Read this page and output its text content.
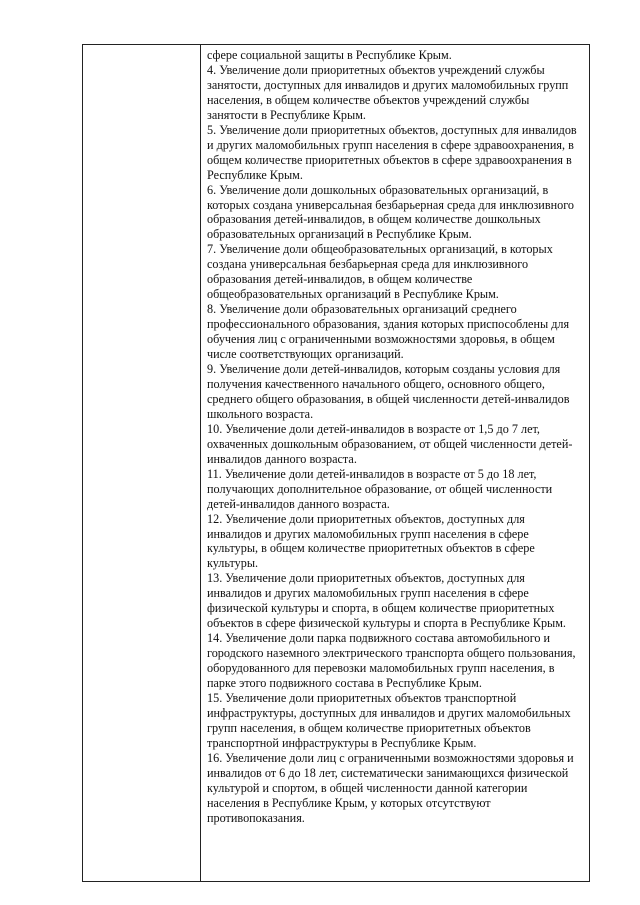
сфере социальной защиты в Республике Крым.

4. Увеличение доли приоритетных объектов учреждений службы занятости, доступных для инвалидов и других маломобильных групп населения, в общем количестве объектов учреждений службы занятости в Республике Крым.

5. Увеличение доли приоритетных объектов, доступных для инвалидов и других маломобильных групп населения в сфере здравоохранения, в общем количестве приоритетных объектов в сфере здравоохранения в Республике Крым.

6. Увеличение доли дошкольных образовательных организаций, в которых создана универсальная безбарьерная среда для инклюзивного образования детей-инвалидов, в общем количестве дошкольных образовательных организаций в Республике Крым.

7. Увеличение доли общеобразовательных организаций, в которых создана универсальная безбарьерная среда для инклюзивного образования детей-инвалидов, в общем количестве общеобразовательных организаций в Республике Крым.

8. Увеличение доли образовательных организаций среднего профессионального образования, здания которых приспособлены для обучения лиц с ограниченными возможностями здоровья, в общем числе соответствующих организаций.

9. Увеличение доли детей-инвалидов, которым созданы условия для получения качественного начального общего, основного общего, среднего общего образования, в общей численности детей-инвалидов школьного возраста.

10. Увеличение доли детей-инвалидов в возрасте от 1,5 до 7 лет, охваченных дошкольным образованием, от общей численности детей-инвалидов данного возраста.

11. Увеличение доли детей-инвалидов в возрасте от 5 до 18 лет, получающих дополнительное образование, от общей численности детей-инвалидов данного возраста.

12. Увеличение доли приоритетных объектов, доступных для инвалидов и других маломобильных групп населения в сфере культуры, в общем количестве приоритетных объектов в сфере культуры.

13. Увеличение доли приоритетных объектов, доступных для инвалидов и других маломобильных групп населения в сфере физической культуры и спорта, в общем количестве приоритетных объектов в сфере физической культуры и спорта в Республике Крым.

14. Увеличение доли парка подвижного состава автомобильного и городского наземного электрического транспорта общего пользования, оборудованного для перевозки маломобильных групп населения, в парке этого подвижного состава в Республике Крым.

15. Увеличение доли приоритетных объектов транспортной инфраструктуры, доступных для инвалидов и других маломобильных групп населения, в общем количестве приоритетных объектов транспортной инфраструктуры в Республике Крым.

16. Увеличение доли лиц с ограниченными возможностями здоровья и инвалидов от 6 до 18 лет, систематически занимающихся физической культурой и спортом, в общей численности данной категории населения в Республике Крым, у которых отсутствуют противопоказания.
